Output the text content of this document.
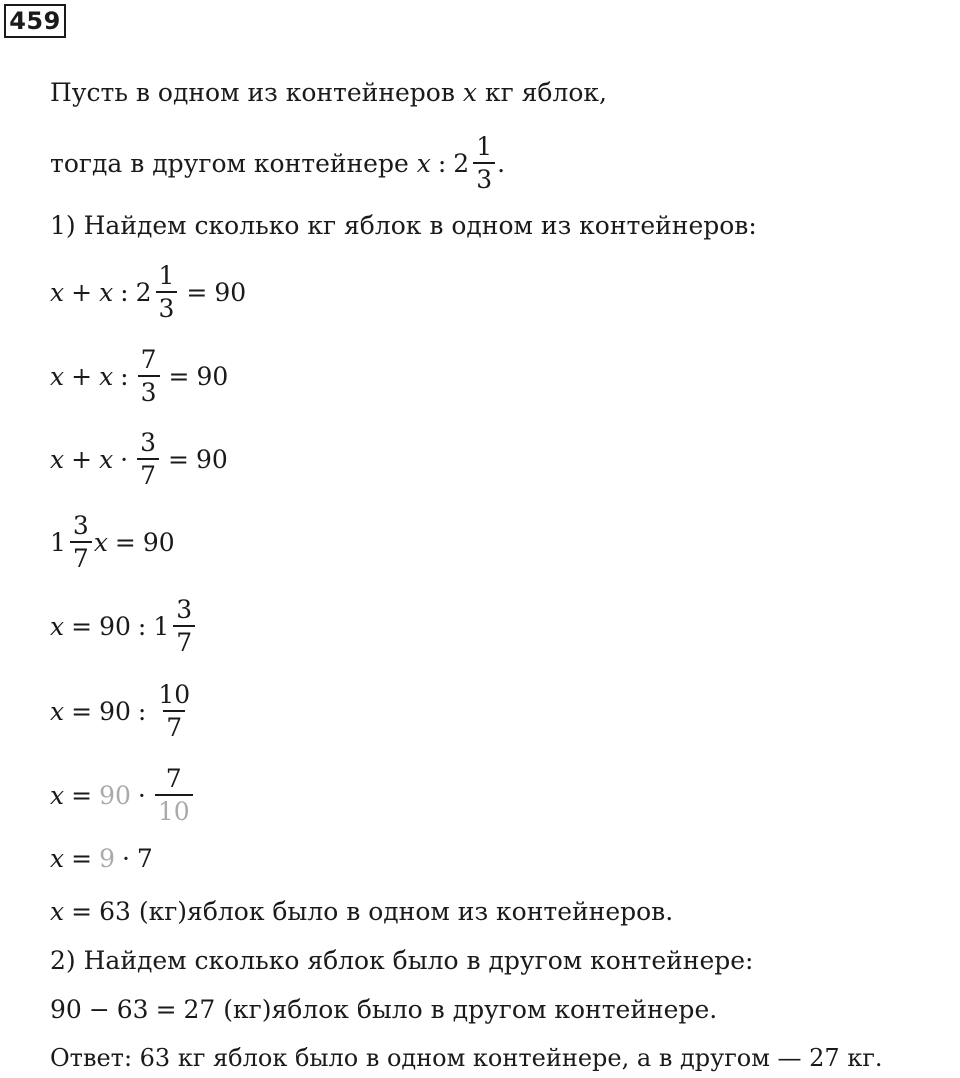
459
Пусть в одном из контейнеров
x
кг яблок,
тогда в другом контейнере
x : $2 \frac{1}{3}$ .
1) Найдем сколько кг яблок в одном из контейнеров:
x + x : $2 \frac{1}{3} = 90$
x + x : $\frac{7}{3} = 90$
$x + x \cdot \frac{3}{7} = 90$
$1 \frac{3}{7}$ x = 90
x = 90 : $1 \frac{3}{7}$
x = 90 : $\frac{10}{7}$
$x = 90 \cdot \frac{7}{10}$
x = 9 · 7
x = 63
(кг)яблок было в одном из контейнеров.
2) Найдем сколько яблок было в другом контейнере:
90 − 63 = 27
(кг)яблок было в другом контейнере.
Ответ: 63 кг яблок было в одном контейнере, а в другом — 27 кг.
